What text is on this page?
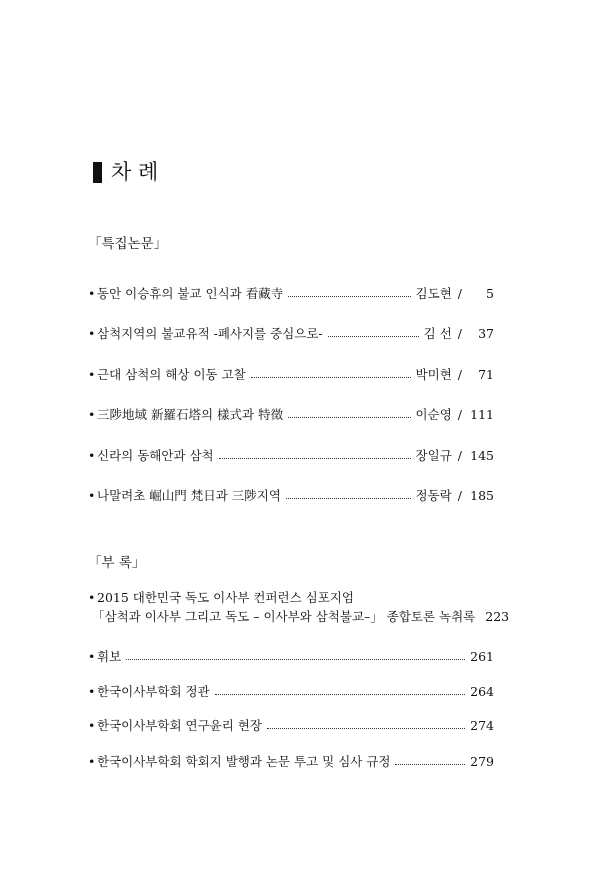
차 례
「특집논문」
• 동안 이승휴의 불교 인식과 看藏寺	김도현 /	5
• 삼척지역의 불교유적 -폐사지를 중심으로-	김 선 /	37
• 근대 삼척의 해상 이동 고찰	박미현 /	71
• 三陟地域 新羅石塔의 樣式과 特徵	이순영 / 111
• 신라의 동해안과 삼척	장일규 / 145
• 나말려초 崛山門 梵日과 三陟지역	정동락 / 185
「부 록」
• 2015 대한민국 독도 이사부 컨퍼런스 심포지엄
「삼척과 이사부 그리고 독도 – 이사부와 삼척불교–」 종합토론 녹취록 223
• 휘보	261
• 한국이사부학회 정관	264
• 한국이사부학회 연구윤리 현장	274
• 한국이사부학회 학회지 발행과 논문 투고 및 심사 규정	279
